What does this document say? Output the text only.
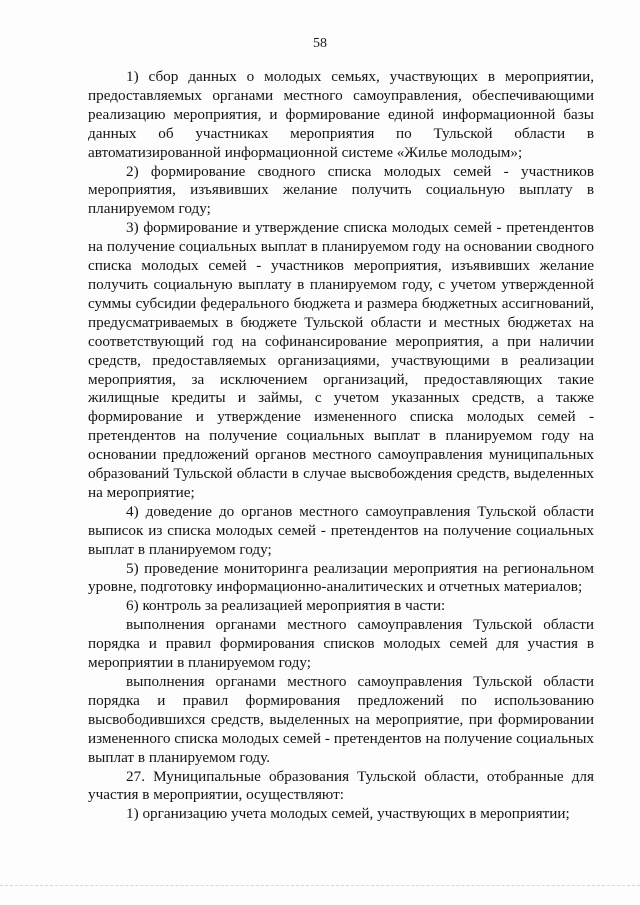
58

1) сбор данных о молодых семьях, участвующих в мероприятии, предоставляемых органами местного самоуправления, обеспечивающими реализацию мероприятия, и формирование единой информационной базы данных об участниках мероприятия по Тульской области в автоматизированной информационной системе «Жилье молодым»;

2) формирование сводного списка молодых семей - участников мероприятия, изъявивших желание получить социальную выплату в планируемом году;

3) формирование и утверждение списка молодых семей - претендентов на получение социальных выплат в планируемом году на основании сводного списка молодых семей - участников мероприятия, изъявивших желание получить социальную выплату в планируемом году, с учетом утвержденной суммы субсидии федерального бюджета и размера бюджетных ассигнований, предусматриваемых в бюджете Тульской области и местных бюджетах на соответствующий год на софинансирование мероприятия, а при наличии средств, предоставляемых организациями, участвующими в реализации мероприятия, за исключением организаций, предоставляющих такие жилищные кредиты и займы, с учетом указанных средств, а также формирование и утверждение измененного списка молодых семей - претендентов на получение социальных выплат в планируемом году на основании предложений органов местного самоуправления муниципальных образований Тульской области в случае высвобождения средств, выделенных на мероприятие;

4) доведение до органов местного самоуправления Тульской области выписок из списка молодых семей - претендентов на получение социальных выплат в планируемом году;

5) проведение мониторинга реализации мероприятия на региональном уровне, подготовку информационно-аналитических и отчетных материалов;

6) контроль за реализацией мероприятия в части:

выполнения органами местного самоуправления Тульской области порядка и правил формирования списков молодых семей для участия в мероприятии в планируемом году;

выполнения органами местного самоуправления Тульской области порядка и правил формирования предложений по использованию высвободившихся средств, выделенных на мероприятие, при формировании измененного списка молодых семей - претендентов на получение социальных выплат в планируемом году.

27. Муниципальные образования Тульской области, отобранные для участия в мероприятии, осуществляют:

1) организацию учета молодых семей, участвующих в мероприятии;
